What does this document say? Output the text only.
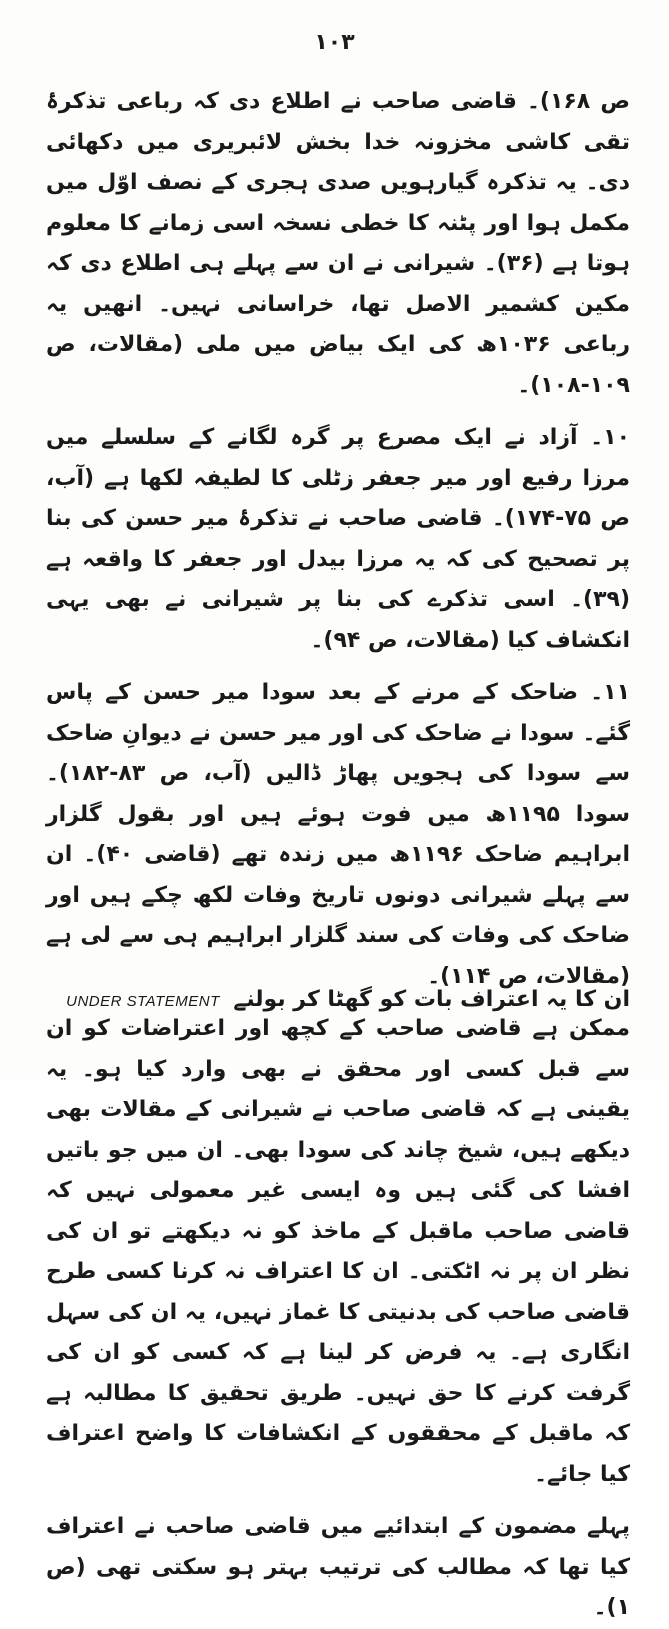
۱۰۳

ص ۱۶۸)۔ قاضی صاحب نے اطلاع دی کہ رباعی تذکرۂ تقی کاشی مخزونہ خدا بخش لائبریری میں دکھائی دی۔ یہ تذکرہ گیارہویں صدی ہجری کے نصف اوّل میں مکمل ہوا اور پٹنہ کا خطی نسخہ اسی زمانے کا معلوم ہوتا ہے (۳۶)۔ شیرانی نے ان سے پہلے ہی اطلاع دی کہ مکین کشمیر الاصل تھا، خراسانی نہیں۔ انھیں یہ رباعی ۱۰۳۶ھ کی ایک بیاض میں ملی (مقالات، ص ۱۰۹-۱۰۸)۔

۱۰۔ آزاد نے ایک مصرع پر گرہ لگانے کے سلسلے میں مرزا رفیع اور میر جعفر زٹلی کا لطیفہ لکھا ہے (آب، ص ۷۵-۱۷۴)۔ قاضی صاحب نے تذکرۂ میر حسن کی بنا پر تصحیح کی کہ یہ مرزا بیدل اور جعفر کا واقعہ ہے (۳۹)۔ اسی تذکرے کی بنا پر شیرانی نے بھی یہی انکشاف کیا (مقالات، ص ۹۴)۔

۱۱۔ ضاحک کے مرنے کے بعد سودا میر حسن کے پاس گئے۔ سودا نے ضاحک کی اور میر حسن نے دیوانِ ضاحک سے سودا کی ہجویں پھاڑ ڈالیں (آب، ص ۸۳-۱۸۲)۔ سودا ۱۱۹۵ھ میں فوت ہوئے ہیں اور بقول گلزار ابراہیم ضاحک ۱۱۹۶ھ میں زندہ تھے (قاضی ۴۰)۔ ان سے پہلے شیرانی دونوں تاریخ وفات لکھ چکے ہیں اور ضاحک کی وفات کی سند گلزار ابراہیم ہی سے لی ہے (مقالات، ص ۱۱۴)۔

ممکن ہے قاضی صاحب کے کچھ اور اعتراضات کو ان سے قبل کسی اور محقق نے بھی وارد کیا ہو۔ یہ یقینی ہے کہ قاضی صاحب نے شیرانی کے مقالات بھی دیکھے ہیں، شیخ چاند کی سودا بھی۔ ان میں جو باتیں افشا کی گئی ہیں وہ ایسی غیر معمولی نہیں کہ قاضی صاحب ماقبل کے ماخذ کو نہ دیکھتے تو ان کی نظر ان پر نہ اٹکتی۔ ان کا اعتراف نہ کرنا کسی طرح قاضی صاحب کی بدنیتی کا غماز نہیں، یہ ان کی سہل انگاری ہے۔ یہ فرض کر لینا ہے کہ کسی کو ان کی گرفت کرنے کا حق نہیں۔ طریق تحقیق کا مطالبہ ہے کہ ماقبل کے محققوں کے انکشافات کا واضح اعتراف کیا جائے۔

پہلے مضمون کے ابتدائیے میں قاضی صاحب نے اعتراف کیا تھا کہ مطالب کی ترتیب بہتر ہو سکتی تھی (ص ۱)۔

ان کا یہ اعتراف بات کو گھٹا کر بولنے UNDER STATEMENT
